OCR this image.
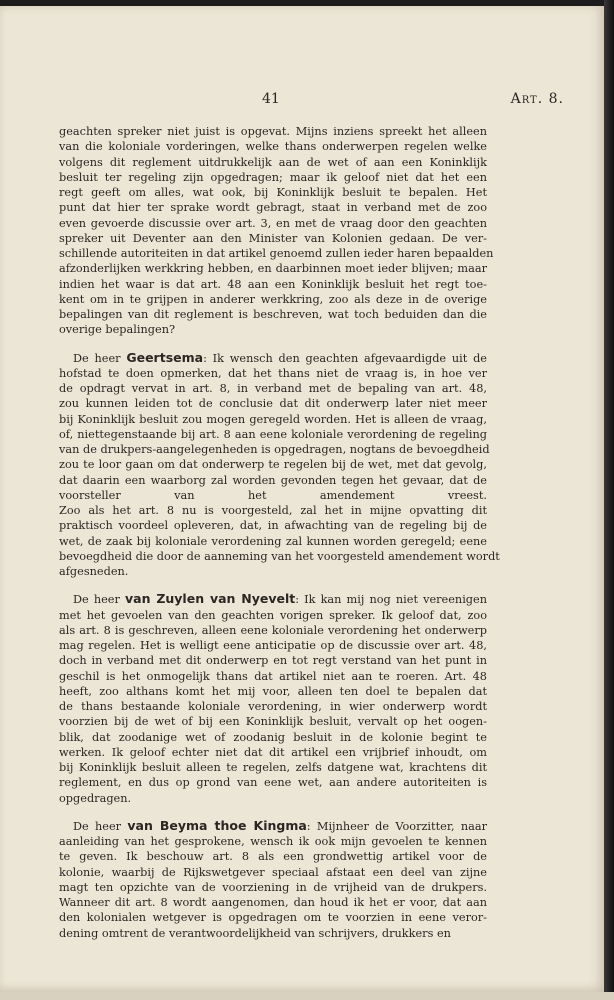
41	Art. 8.
geachten spreker niet juist is opgevat. Mijns inziens spreekt het alleen
van die koloniale vorderingen, welke thans onderwerpen regelen welke
volgens dit reglement uitdrukkelijk aan de wet of aan een Koninklijk
besluit ter regeling zijn opgedragen; maar ik geloof niet dat het een
regt geeft om alles, wat ook, bij Koninklijk besluit te bepalen. Het
punt dat hier ter sprake wordt gebragt, staat in verband met de zoo
even gevoerde discussie over art. 3, en met de vraag door den geachten
spreker uit Deventer aan den Minister van Kolonien gedaan. De ver-
schillende autoriteiten in dat artikel genoemd zullen ieder haren bepaalden
afzonderlijken werkkring hebben, en daarbinnen moet ieder blijven; maar
indien het waar is dat art. 48 aan een Koninklijk besluit het regt toe-
kent om in te grijpen in anderer werkkring, zoo als deze in de overige
bepalingen van dit reglement is beschreven, wat toch beduiden dan die
overige bepalingen?
De heer Geertsema: Ik wensch den geachten afgevaardigde uit de
hofstad te doen opmerken, dat het thans niet de vraag is, in hoe ver
de opdragt vervat in art. 8, in verband met de bepaling van art. 48,
zou kunnen leiden tot de conclusie dat dit onderwerp later niet meer
bij Koninklijk besluit zou mogen geregeld worden. Het is alleen de vraag,
of, niettegenstaande bij art. 8 aan eene koloniale verordening de regeling
van de drukpers-aangelegenheden is opgedragen, nogtans de bevoegdheid
zou te loor gaan om dat onderwerp te regelen bij de wet, met dat gevolg,
dat daarin een waarborg zal worden gevonden tegen het gevaar, dat de
voorsteller van het amendement vreest.
Zoo als het art. 8 nu is voorgesteld, zal het in mijne opvatting dit
praktisch voordeel opleveren, dat, in afwachting van de regeling bij de
wet, de zaak bij koloniale verordening zal kunnen worden geregeld; eene
bevoegdheid die door de aanneming van het voorgesteld amendement wordt
afgesneden.
De heer van Zuylen van Nyevelt: Ik kan mij nog niet vereenigen
met het gevoelen van den geachten vorigen spreker. Ik geloof dat, zoo
als art. 8 is geschreven, alleen eene koloniale verordening het onderwerp
mag regelen. Het is welligt eene anticipatie op de discussie over art. 48,
doch in verband met dit onderwerp en tot regt verstand van het punt in
geschil is het onmogelijk thans dat artikel niet aan te roeren. Art. 48
heeft, zoo althans komt het mij voor, alleen ten doel te bepalen dat
de thans bestaande koloniale verordening, in wier onderwerp wordt
voorzien bij de wet of bij een Koninklijk besluit, vervalt op het oogen-
blik, dat zoodanige wet of zoodanig besluit in de kolonie begint te
werken. Ik geloof echter niet dat dit artikel een vrijbrief inhoudt, om
bij Koninklijk besluit alleen te regelen, zelfs datgene wat, krachtens dit
reglement, en dus op grond van eene wet, aan andere autoriteiten is
opgedragen.
De heer van Beyma thoe Kingma: Mijnheer de Voorzitter, naar
aanleiding van het gesprokene, wensch ik ook mijn gevoelen te kennen
te geven. Ik beschouw art. 8 als een grondwettig artikel voor de
kolonie, waarbij de Rijkswetgever speciaal afstaat een deel van zijne
magt ten opzichte van de voorziening in de vrijheid van de drukpers.
Wanneer dit art. 8 wordt aangenomen, dan houd ik het er voor, dat aan
den kolonialen wetgever is opgedragen om te voorzien in eene veror-
dening omtrent de verantwoordelijkheid van schrijvers, drukkers en
